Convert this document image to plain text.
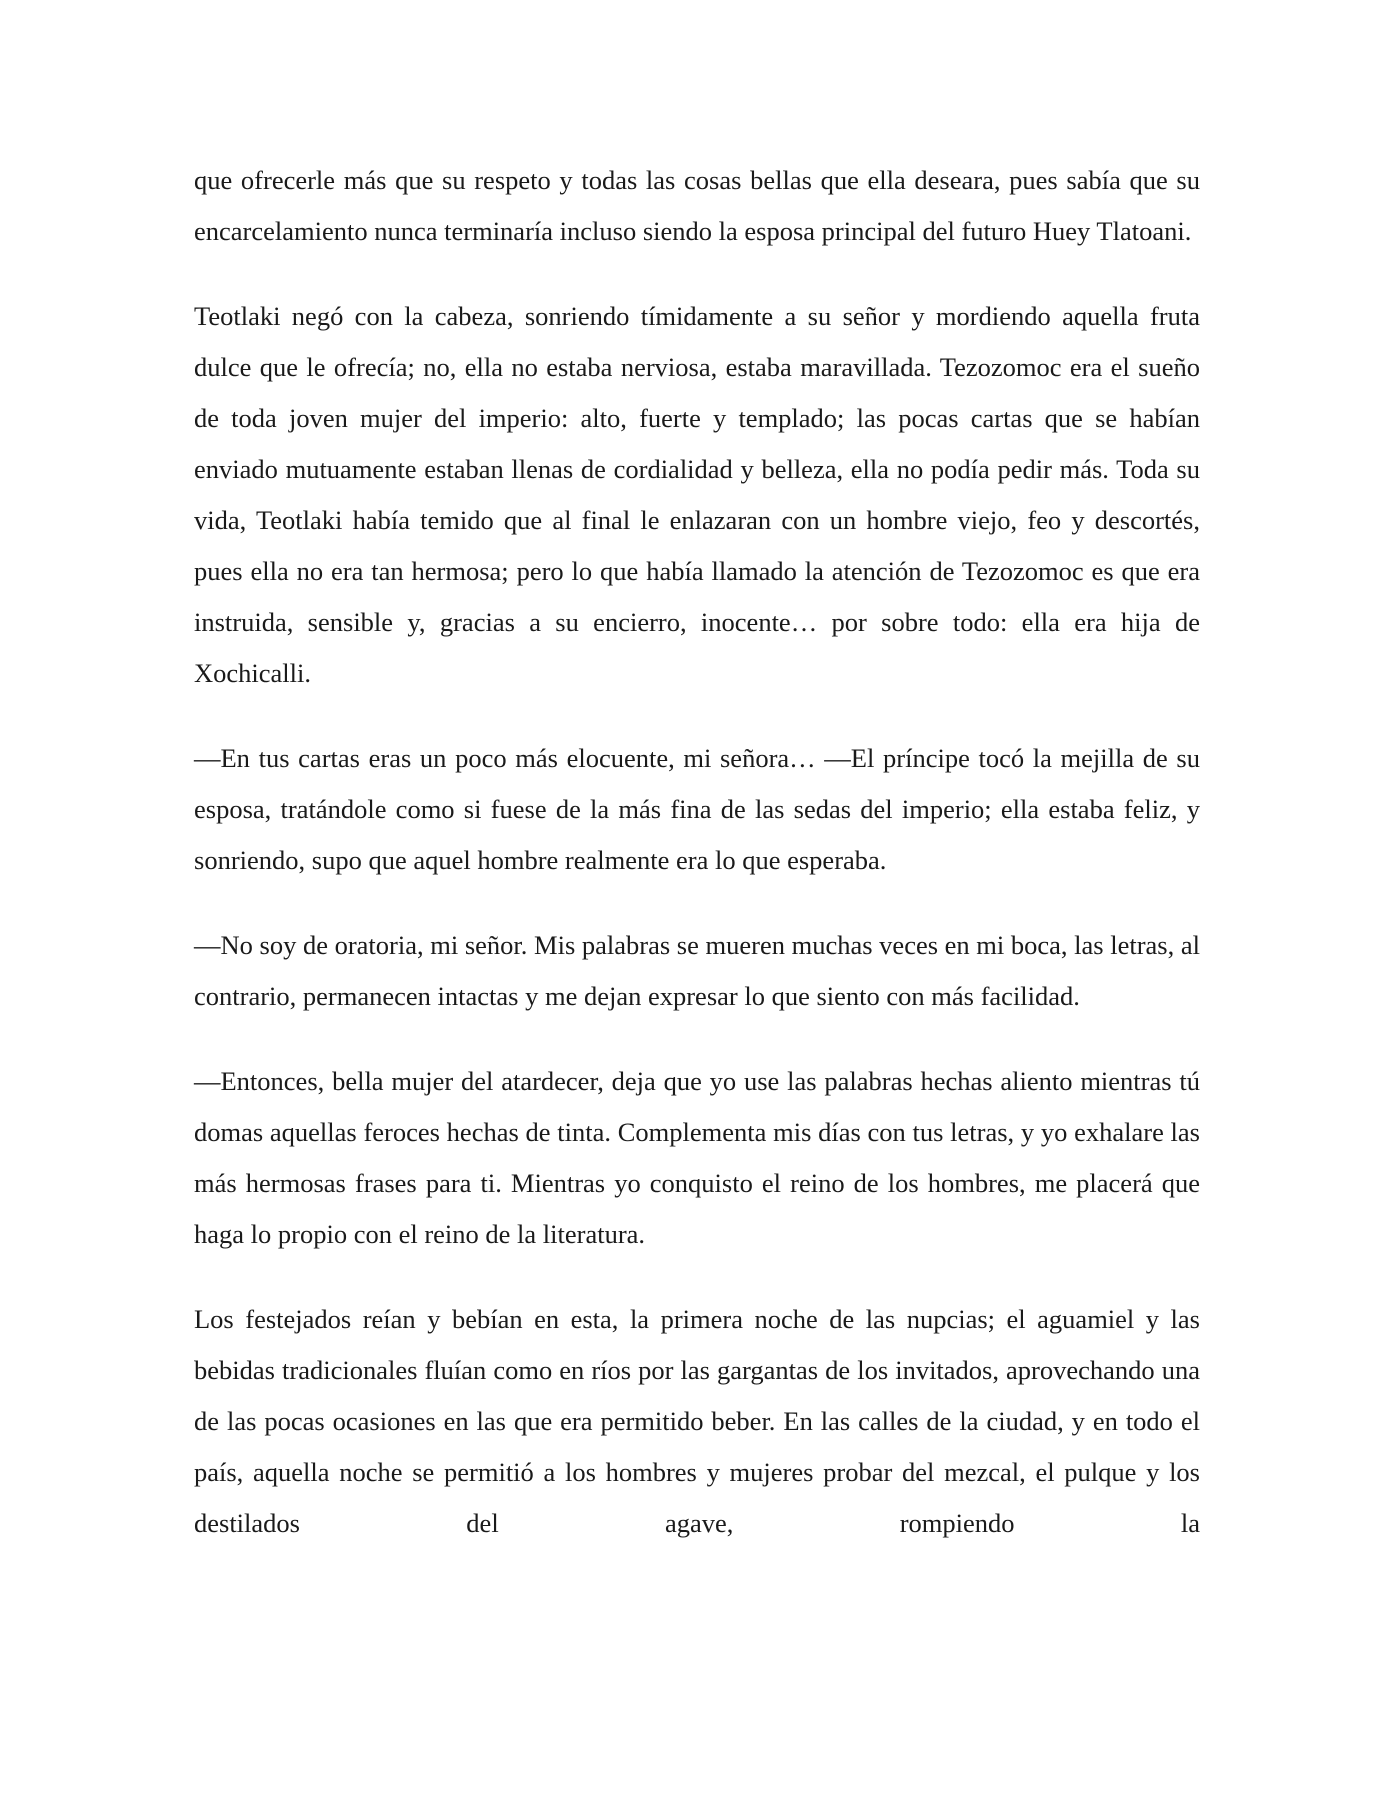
que ofrecerle más que su respeto y todas las cosas bellas que ella deseara, pues sabía que su encarcelamiento nunca terminaría incluso siendo la esposa principal del futuro Huey Tlatoani.

Teotlaki negó con la cabeza, sonriendo tímidamente a su señor y mordiendo aquella fruta dulce que le ofrecía; no, ella no estaba nerviosa, estaba maravillada. Tezozomoc era el sueño de toda joven mujer del imperio: alto, fuerte y templado; las pocas cartas que se habían enviado mutuamente estaban llenas de cordialidad y belleza, ella no podía pedir más. Toda su vida, Teotlaki había temido que al final le enlazaran con un hombre viejo, feo y descortés, pues ella no era tan hermosa; pero lo que había llamado la atención de Tezozomoc es que era instruida, sensible y, gracias a su encierro, inocente… por sobre todo: ella era hija de Xochicalli.

—En tus cartas eras un poco más elocuente, mi señora… —El príncipe tocó la mejilla de su esposa, tratándole como si fuese de la más fina de las sedas del imperio; ella estaba feliz, y sonriendo, supo que aquel hombre realmente era lo que esperaba.

—No soy de oratoria, mi señor. Mis palabras se mueren muchas veces en mi boca, las letras, al contrario, permanecen intactas y me dejan expresar lo que siento con más facilidad.

—Entonces, bella mujer del atardecer, deja que yo use las palabras hechas aliento mientras tú domas aquellas feroces hechas de tinta. Complementa mis días con tus letras, y yo exhalare las más hermosas frases para ti. Mientras yo conquisto el reino de los hombres, me placerá que haga lo propio con el reino de la literatura.

Los festejados reían y bebían en esta, la primera noche de las nupcias; el aguamiel y las bebidas tradicionales fluían como en ríos por las gargantas de los invitados, aprovechando una de las pocas ocasiones en las que era permitido beber. En las calles de la ciudad, y en todo el país, aquella noche se permitió a los hombres y mujeres probar del mezcal, el pulque y los destilados del agave, rompiendo la
